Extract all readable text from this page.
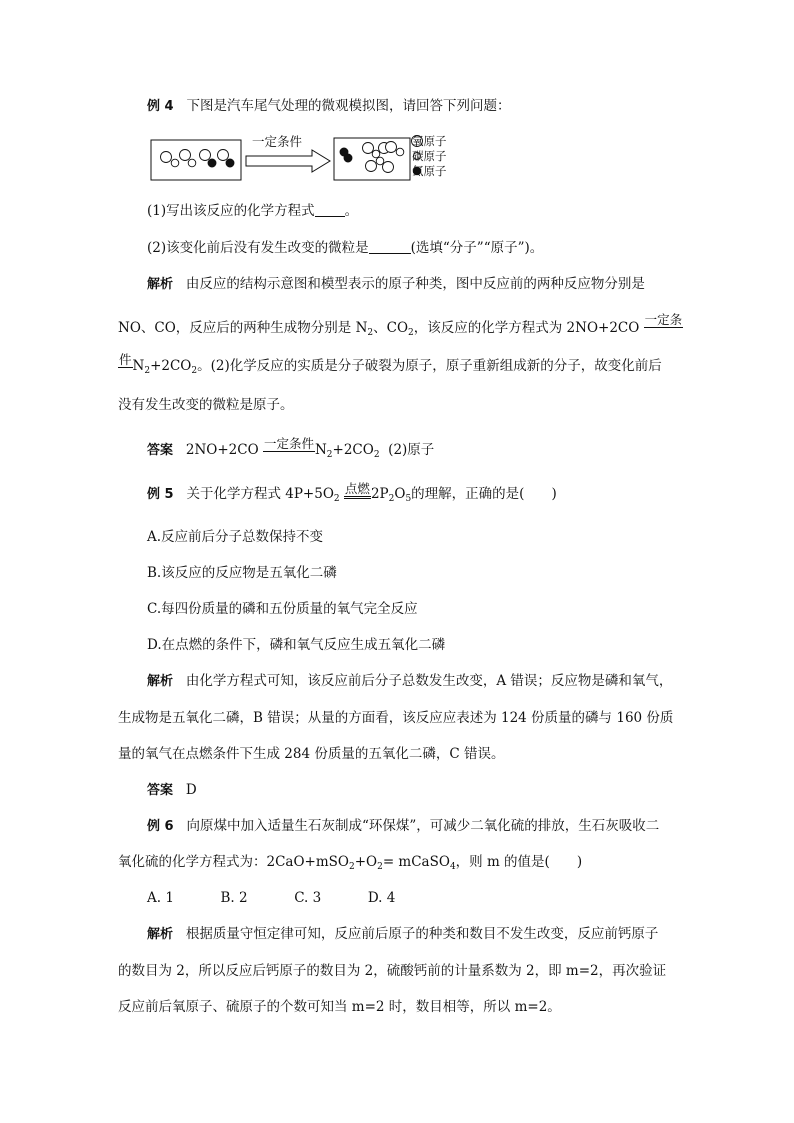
例 4 下图是汽车尾气处理的微观模拟图，请回答下列问题：
一定条件	氧原子
碳原子
氮原子
(1)写出该反应的化学方程式 。
(2)该变化前后没有发生改变的微粒是	(选填“分子”“原子”)。
解析 由反应的结构示意图和模型表示的原子种类，图中反应前的两种反应物分别是
NO、CO，反应后的两种生成物分别是 $N_2$、$CO_2$，该反应的化学方程式为 2NO+2CO
一定条
件 $N_2+2CO_2$。(2)化学反应的实质是分子破裂为原子，原子重新组成新的分子，故变化前后
没有发生改变的微粒是原子。
答案 2NO+2CO 一定条件 $N_2+2CO_2$ (2)原子
例 5 关于化学方程式 $4P+5O_2$
点燃 $2P_2O_5$的理解，正确的是(　　)
A.反应前后分子总数保持不变
B.该反应的反应物是五氧化二磷
C.每四份质量的磷和五份质量的氧气完全反应
D.在点燃的条件下，磷和氧气反应生成五氧化二磷
解析 由化学方程式可知，该反应前后分子总数发生改变，A 错误；反应物是磷和氧气，
生成物是五氧化二磷，B 错误；从量的方面看，该反应应表述为 124 份质量的磷与 160 份质
量的氧气在点燃条件下生成 284 份质量的五氧化二磷，C 错误。
答案 D
例 6 向原煤中加入适量生石灰制成“环保煤”，可减少二氧化硫的排放，生石灰吸收二
氧化硫的化学方程式为：$2CaO+mSO_2+O_2=$ mCaSO$_4$，则 m 的值是(　　)
A. 1	B. 2	C. 3	D. 4
解析 根据质量守恒定律可知，反应前后原子的种类和数目不发生改变，反应前钙原子
的数目为 2，所以反应后钙原子的数目为 2，硫酸钙前的计量系数为 2，即 m=2，再次验证
反应前后氧原子、硫原子的个数可知当 m=2 时，数目相等，所以 m=2。
